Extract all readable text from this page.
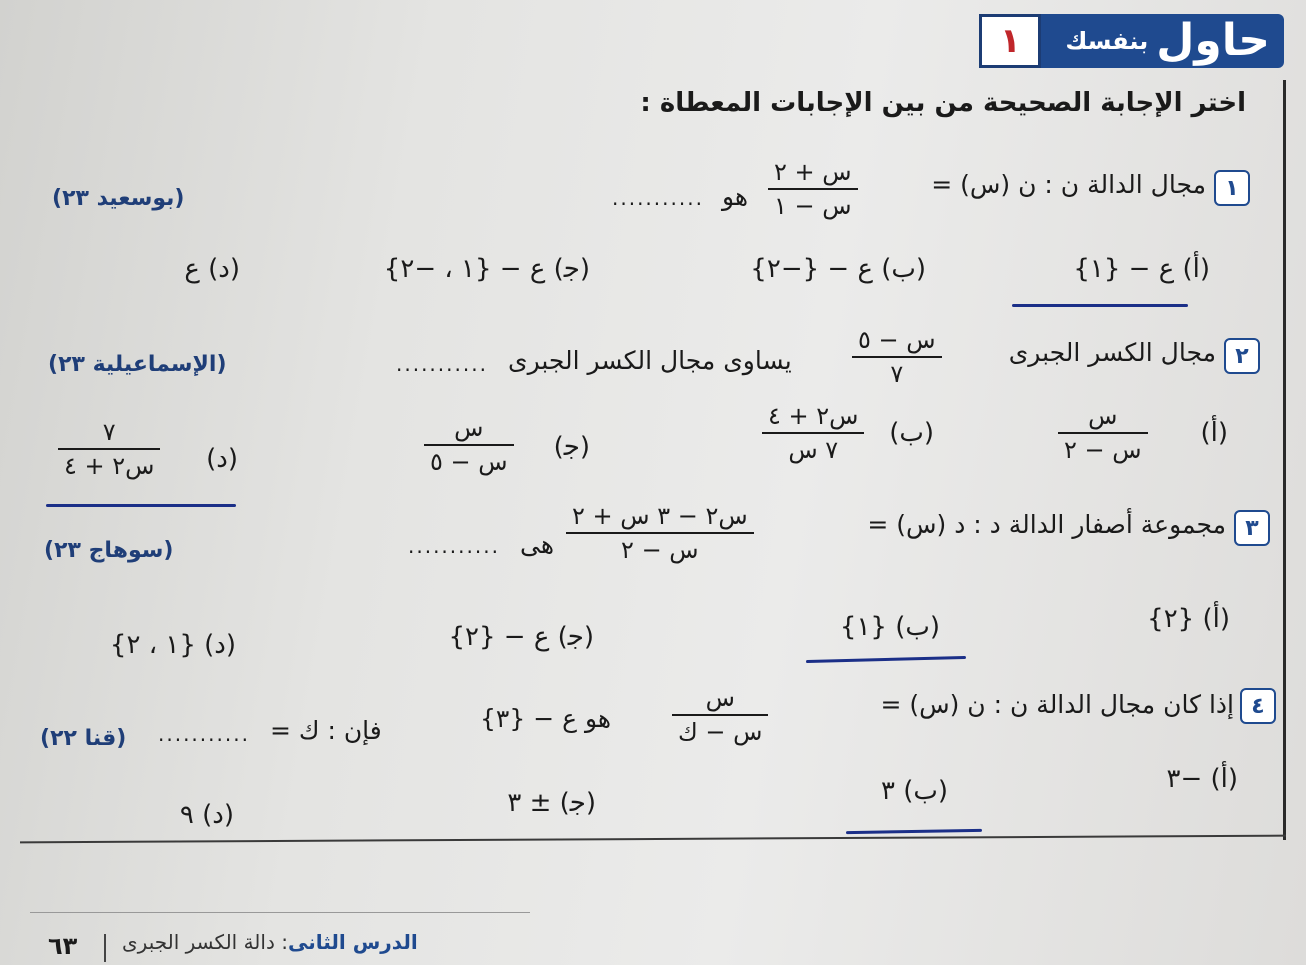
١	بنفسك حاول
اختر الإجابة الصحيحة من بين الإجابات المعطاة :
١
مجال الدالة ن : ن (س) =
س + ٢
س − ١
هو
...........
(بوسعيد ٢٣)
(أ) ع − {١}
(ب) ع − {−٢}
(ﺟ) ع − {١ ، −٢}
(د) ع
٢
مجال الكسر الجبرى
س − ٥
٧
يساوى مجال الكسر الجبرى
...........
(الإسماعيلية ٢٣)
(أ)
س
س − ٢
(ب)
س٢ + ٤
٧ س
(ﺟ)
س
س − ٥
(د)
٧
س٢ + ٤
٣
مجموعة أصفار الدالة د : د (س) =
س٢ − ٣ س + ٢
س − ٢
هى
...........
(سوهاج ٢٣)
(أ) {٢}
(ب) {١}
(ﺟ) ع − {٢}
(د) {١ ، ٢}
٤
إذا كان مجال الدالة ن : ن (س) =
س
س − ك
هو ع − {٣}
فإن : ك =
...........
(قنا ٢٢)
(أ) −٣
(ب) ٣
(ﺟ) ± ٣
(د) ٩
٦٣	الدرس الثانى: دالة الكسر الجبرى
